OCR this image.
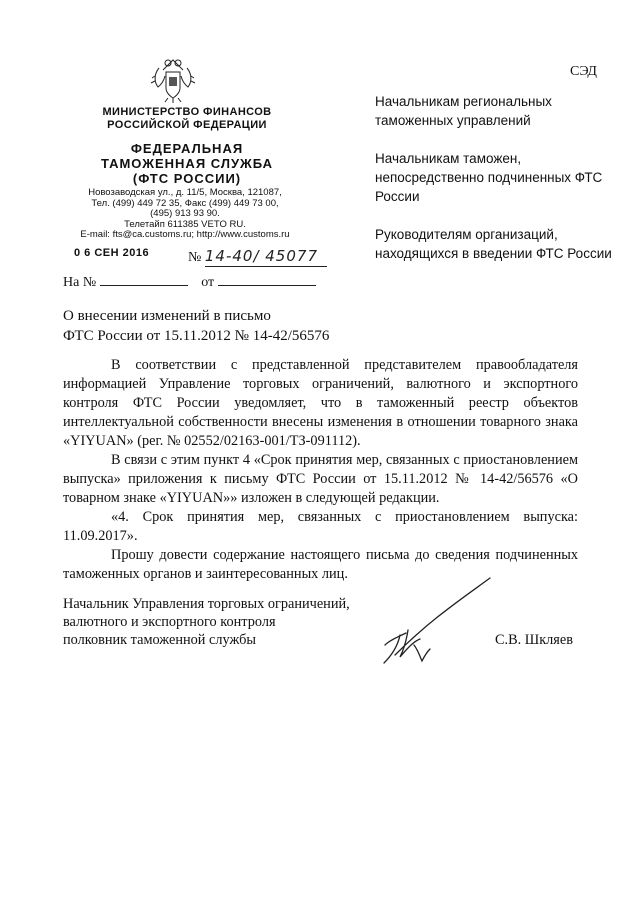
СЭД
МИНИСТЕРСТВО ФИНАНСОВ
РОССИЙСКОЙ ФЕДЕРАЦИИ
ФЕДЕРАЛЬНАЯ
ТАМОЖЕННАЯ СЛУЖБА
(ФТС РОССИИ)
Новозаводская ул., д. 11/5, Москва, 121087,
Тел. (499) 449 72 35, Факс (499) 449 73 00,
(495) 913 93 90.
Телетайп 611385 VETO RU.
E-mail: fts@ca.customs.ru; http://www.customs.ru
0 6 СЕН 2016	№ 14-40/ 45077
На №	от

Начальникам региональных таможенных управлений

Начальникам таможен, непосредственно подчиненных ФТС России

Руководителям организаций, находящихся в введении ФТС России

О внесении изменений в письмо
ФТС России от 15.11.2012 № 14-42/56576

В соответствии с представленной представителем правообладателя информацией Управление торговых ограничений, валютного и экспортного контроля ФТС России уведомляет, что в таможенный реестр объектов интеллектуальной собственности внесены изменения в отношении товарного знака «YIYUAN» (рег. № 02552/02163-001/ТЗ-091112).

В связи с этим пункт 4 «Срок принятия мер, связанных с приостановлением выпуска» приложения к письму ФТС России от 15.11.2012 № 14-42/56576 «О товарном знаке «YIYUAN»» изложен в следующей редакции.

«4. Срок принятия мер, связанных с приостановлением выпуска: 11.09.2017».

Прошу довести содержание настоящего письма до сведения подчиненных таможенных органов и заинтересованных лиц.

Начальник Управления торговых ограничений,
валютного и экспортного контроля
полковник таможенной службы	С.В. Шкляев
